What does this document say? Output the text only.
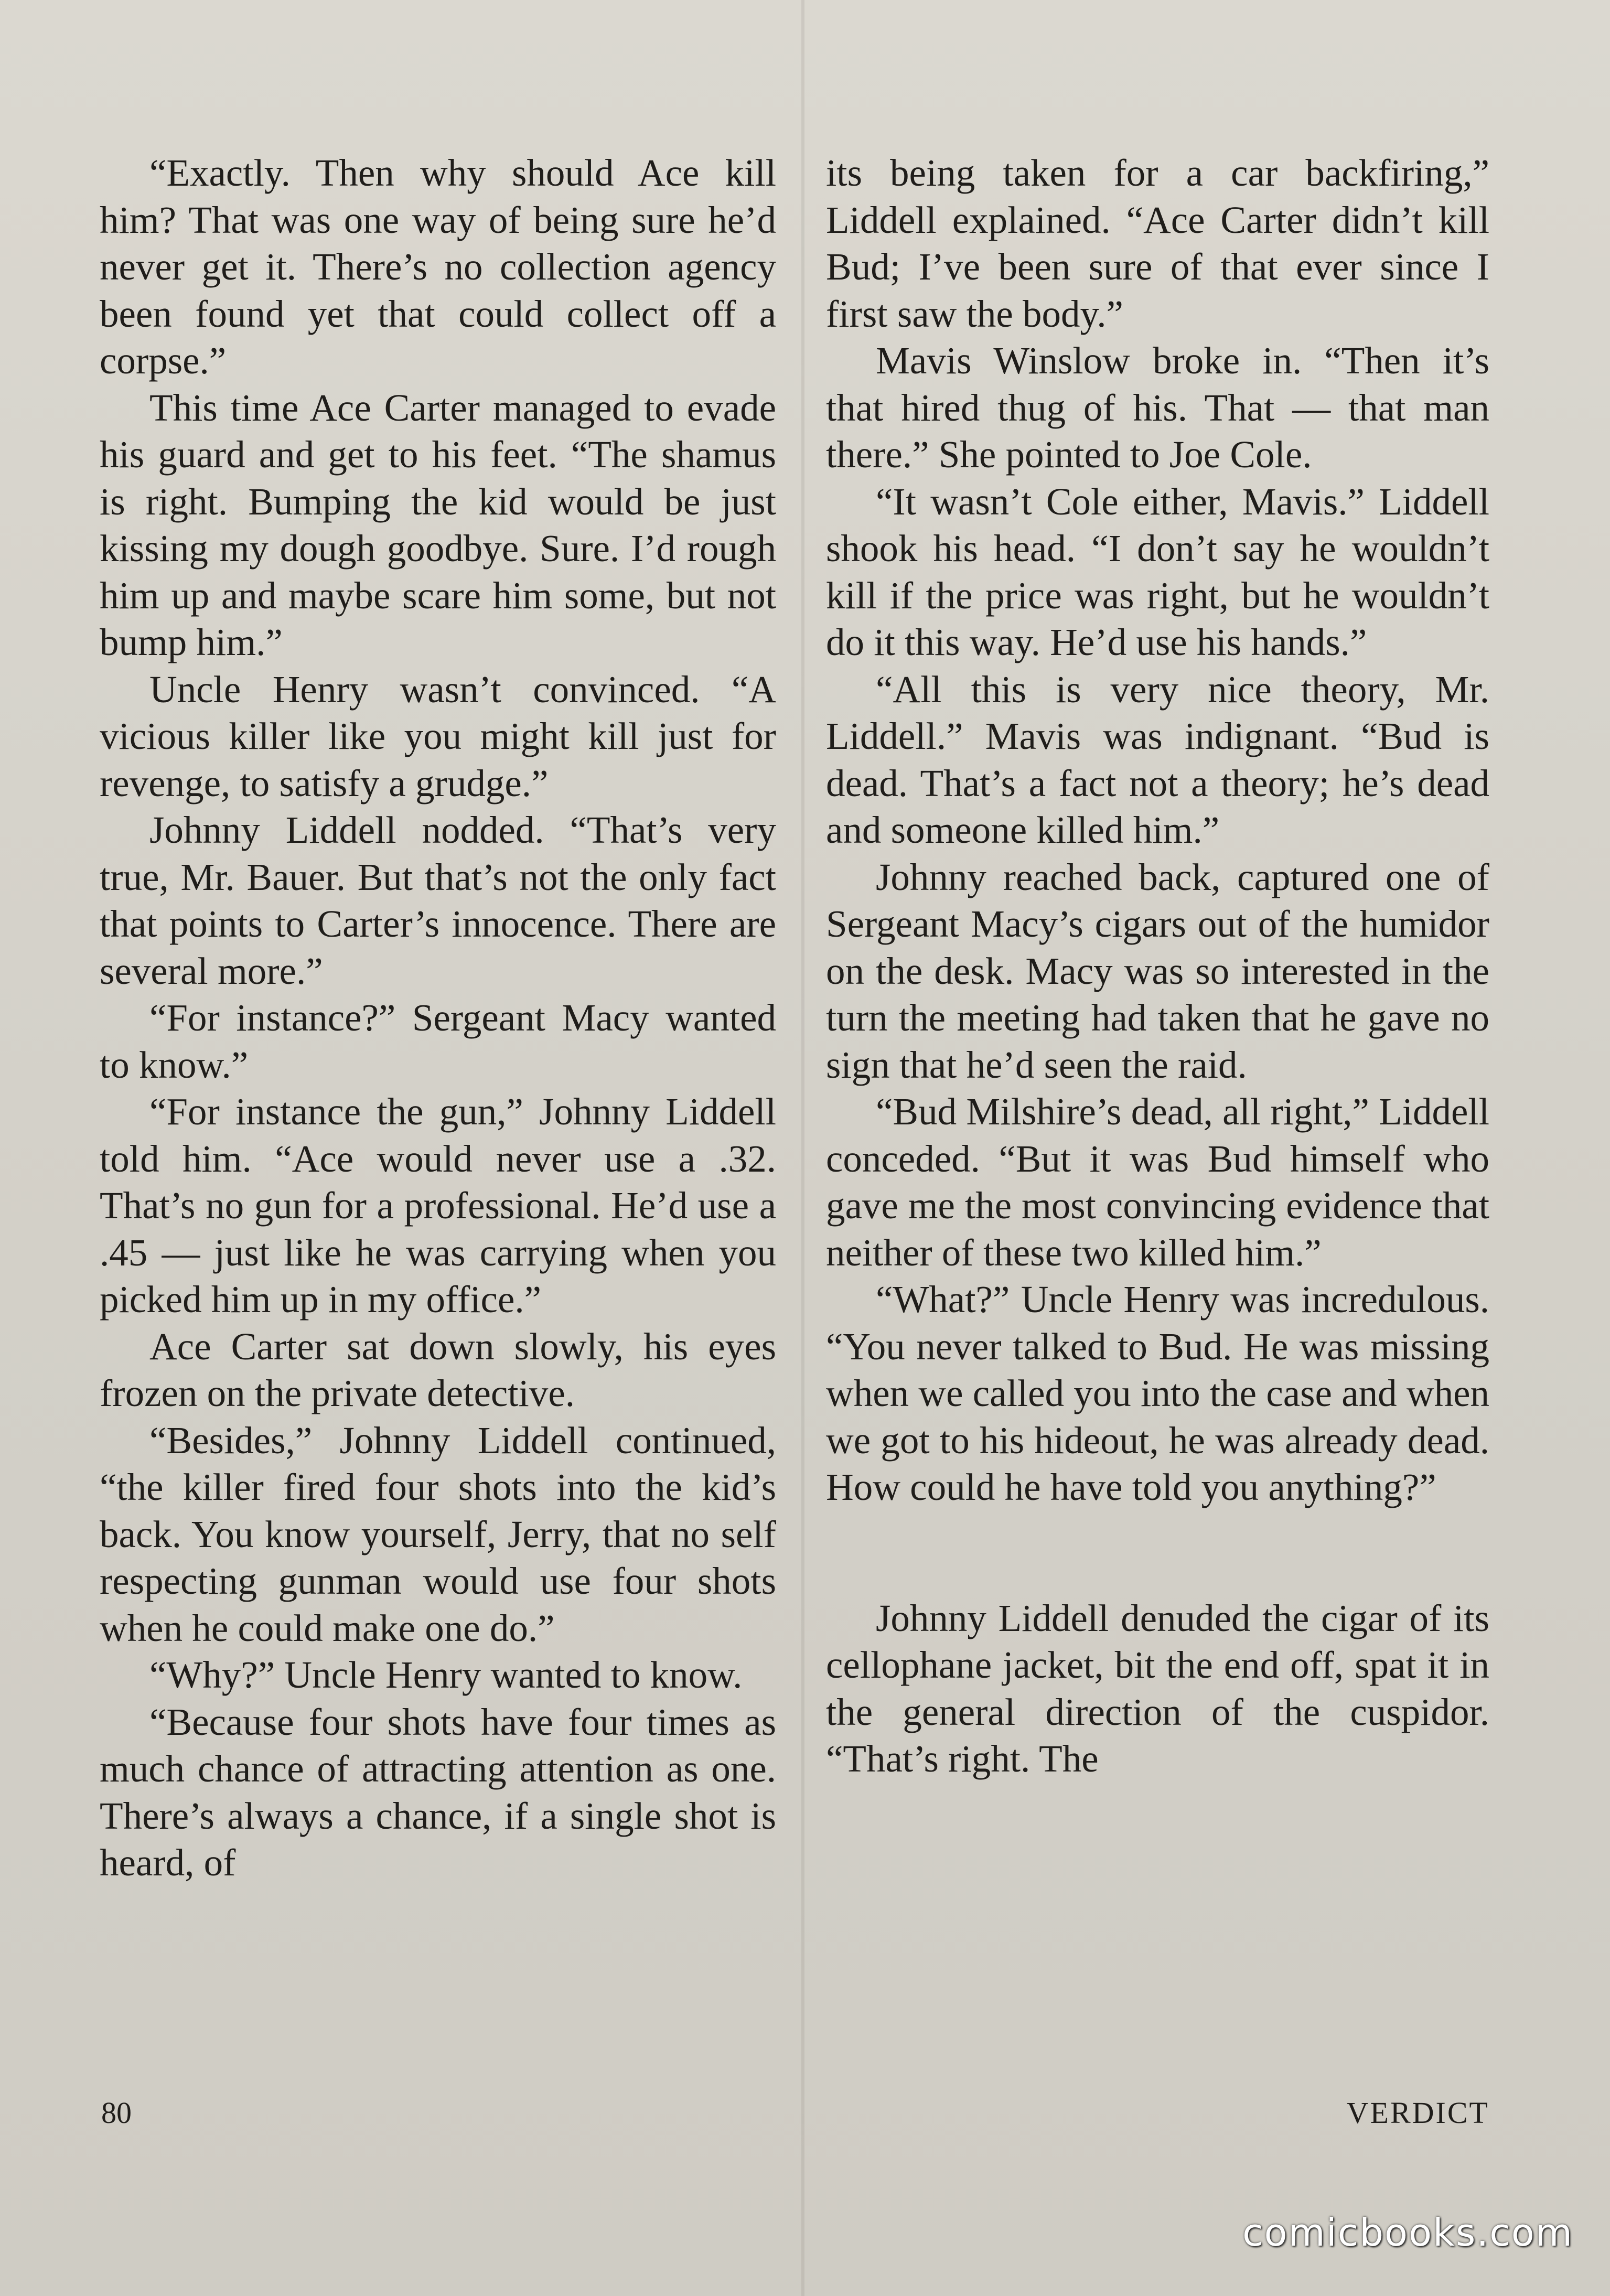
“Exactly. Then why should Ace kill him? That was one way of being sure he’d never get it. There’s no collection agency been found yet that could collect off a corpse.”

This time Ace Carter managed to evade his guard and get to his feet. “The shamus is right. Bumping the kid would be just kissing my dough goodbye. Sure. I’d rough him up and maybe scare him some, but not bump him.”

Uncle Henry wasn’t convinced. “A vicious killer like you might kill just for revenge, to satisfy a grudge.”

Johnny Liddell nodded. “That’s very true, Mr. Bauer. But that’s not the only fact that points to Carter’s innocence. There are several more.”

“For instance?” Sergeant Macy wanted to know.”

“For instance the gun,” Johnny Liddell told him. “Ace would never use a .32. That’s no gun for a professional. He’d use a .45 — just like he was carrying when you picked him up in my office.”

Ace Carter sat down slowly, his eyes frozen on the private detective.

“Besides,” Johnny Liddell continued, “the killer fired four shots into the kid’s back. You know yourself, Jerry, that no self respecting gunman would use four shots when he could make one do.”

“Why?” Uncle Henry wanted to know.

“Because four shots have four times as much chance of attracting attention as one. There’s always a chance, if a single shot is heard, of

its being taken for a car backfiring,” Liddell explained. “Ace Carter didn’t kill Bud; I’ve been sure of that ever since I first saw the body.”

Mavis Winslow broke in. “Then it’s that hired thug of his. That — that man there.” She pointed to Joe Cole.

“It wasn’t Cole either, Mavis.” Liddell shook his head. “I don’t say he wouldn’t kill if the price was right, but he wouldn’t do it this way. He’d use his hands.”

“All this is very nice theory, Mr. Liddell.” Mavis was indignant. “Bud is dead. That’s a fact not a theory; he’s dead and someone killed him.”

Johnny reached back, captured one of Sergeant Macy’s cigars out of the humidor on the desk. Macy was so interested in the turn the meeting had taken that he gave no sign that he’d seen the raid.

“Bud Milshire’s dead, all right,” Liddell conceded. “But it was Bud himself who gave me the most convincing evidence that neither of these two killed him.”

“What?” Uncle Henry was incredulous. “You never talked to Bud. He was missing when we called you into the case and when we got to his hideout, he was already dead. How could he have told you anything?”

Johnny Liddell denuded the cigar of its cellophane jacket, bit the end off, spat it in the general direction of the cuspidor. “That’s right. The

80	VERDICT
comicbooks.com
